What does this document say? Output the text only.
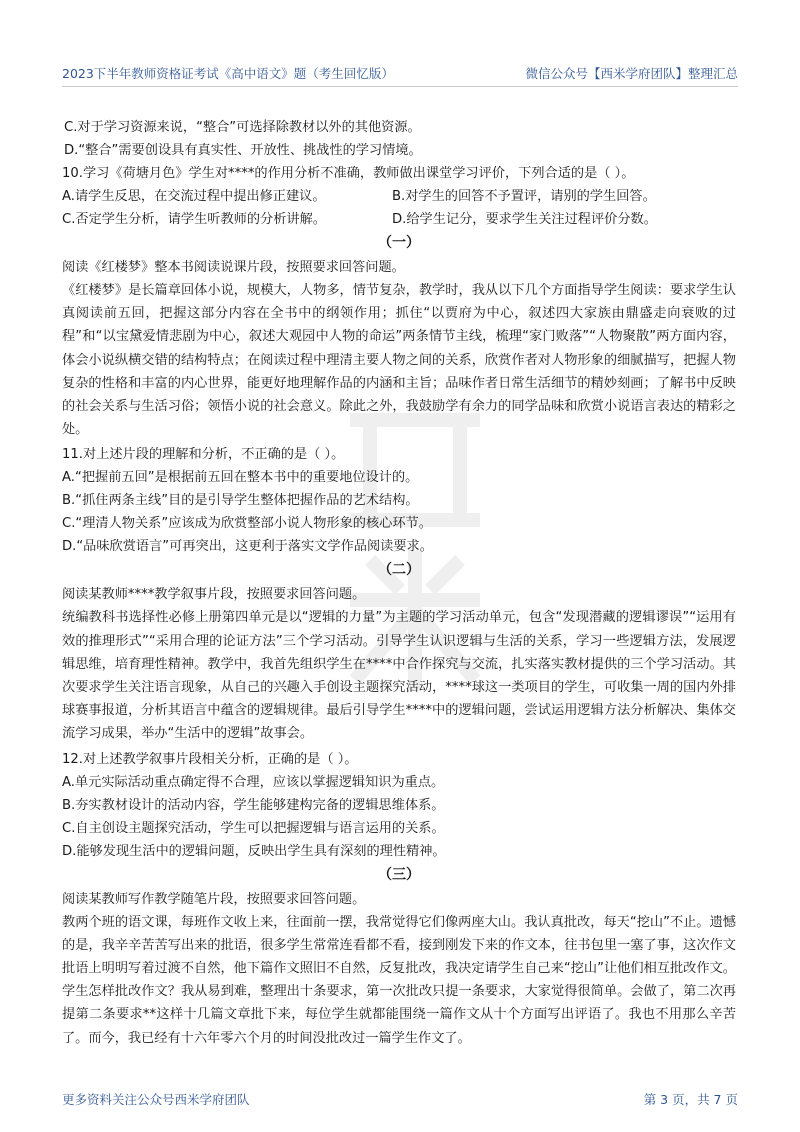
2023下半年教师资格证考试《高中语文》题（考生回忆版）	微信公众号【西米学府团队】整理汇总
C.对于学习资源来说，“整合”可选择除教材以外的其他资源。
D.“整合”需要创设具有真实性、开放性、挑战性的学习情境。
10.学习《荷塘月色》学生对****的作用分析不准确，教师做出课堂学习评价，下列合适的是（ ）。
A.请学生反思，在交流过程中提出修正建议。	B.对学生的回答不予置评，请别的学生回答。
C.否定学生分析，请学生听教师的分析讲解。	D.给学生记分，要求学生关注过程评价分数。
（一）
阅读《红楼梦》整本书阅读说课片段，按照要求回答问题。
《红楼梦》是长篇章回体小说，规模大，人物多，情节复杂，教学时，我从以下几个方面指导学生阅读：要求学生认真阅读前五回，把握这部分内容在全书中的纲领作用；抓住“以贾府为中心，叙述四大家族由鼎盛走向衰败的过程”和“以宝黛爱情悲剧为中心，叙述大观园中人物的命运”两条情节主线，梳理“家门败落”“人物聚散”两方面内容，体会小说纵横交错的结构特点；在阅读过程中理清主要人物之间的关系，欣赏作者对人物形象的细腻描写，把握人物复杂的性格和丰富的内心世界，能更好地理解作品的内涵和主旨；品味作者日常生活细节的精妙刻画；了解书中反映的社会关系与生活习俗；领悟小说的社会意义。除此之外，我鼓励学有余力的同学品味和欣赏小说语言表达的精彩之处。
11.对上述片段的理解和分析，不正确的是（ ）。
A.“把握前五回”是根据前五回在整本书中的重要地位设计的。
B.“抓住两条主线”目的是引导学生整体把握作品的艺术结构。
C.“理清人物关系”应该成为欣赏整部小说人物形象的核心环节。
D.“品味欣赏语言”可再突出，这更利于落实文学作品阅读要求。
（二）
阅读某教师****教学叙事片段，按照要求回答问题。
统编教科书选择性必修上册第四单元是以“逻辑的力量”为主题的学习活动单元，包含“发现潜藏的逻辑谬误”“运用有效的推理形式”“采用合理的论证方法”三个学习活动。引导学生认识逻辑与生活的关系，学习一些逻辑方法，发展逻辑思维，培育理性精神。教学中，我首先组织学生在****中合作探究与交流，扎实落实教材提供的三个学习活动。其次要求学生关注语言现象，从自己的兴趣入手创设主题探究活动，****球这一类项目的学生，可收集一周的国内外排球赛事报道，分析其语言中蕴含的逻辑规律。最后引导学生****中的逻辑问题，尝试运用逻辑方法分析解决、集体交流学习成果，举办“生活中的逻辑”故事会。
12.对上述教学叙事片段相关分析，正确的是（ ）。
A.单元实际活动重点确定得不合理，应该以掌握逻辑知识为重点。
B.夯实教材设计的活动内容，学生能够建构完备的逻辑思维体系。
C.自主创设主题探究活动，学生可以把握逻辑与语言运用的关系。
D.能够发现生活中的逻辑问题，反映出学生具有深刻的理性精神。
（三）
阅读某教师写作教学随笔片段，按照要求回答问题。
教两个班的语文课，每班作文收上来，往面前一摆，我常觉得它们像两座大山。我认真批改，每天“挖山”不止。遗憾的是，我辛辛苦苦写出来的批语，很多学生常常连看都不看，接到刚发下来的作文本，往书包里一塞了事，这次作文批语上明明写着过渡不自然，他下篇作文照旧不自然，反复批改，我决定请学生自己来“挖山”让他们相互批改作文。学生怎样批改作文？我从易到难，整理出十条要求，第一次批改只提一条要求，大家觉得很简单。会做了，第二次再提第二条要求**这样十几篇文章批下来，每位学生就都能围绕一篇作文从十个方面写出评语了。我也不用那么辛苦了。而今，我已经有十六年零六个月的时间没批改过一篇学生作文了。
更多资料关注公众号西米学府团队	第 3 页，共 7 页
